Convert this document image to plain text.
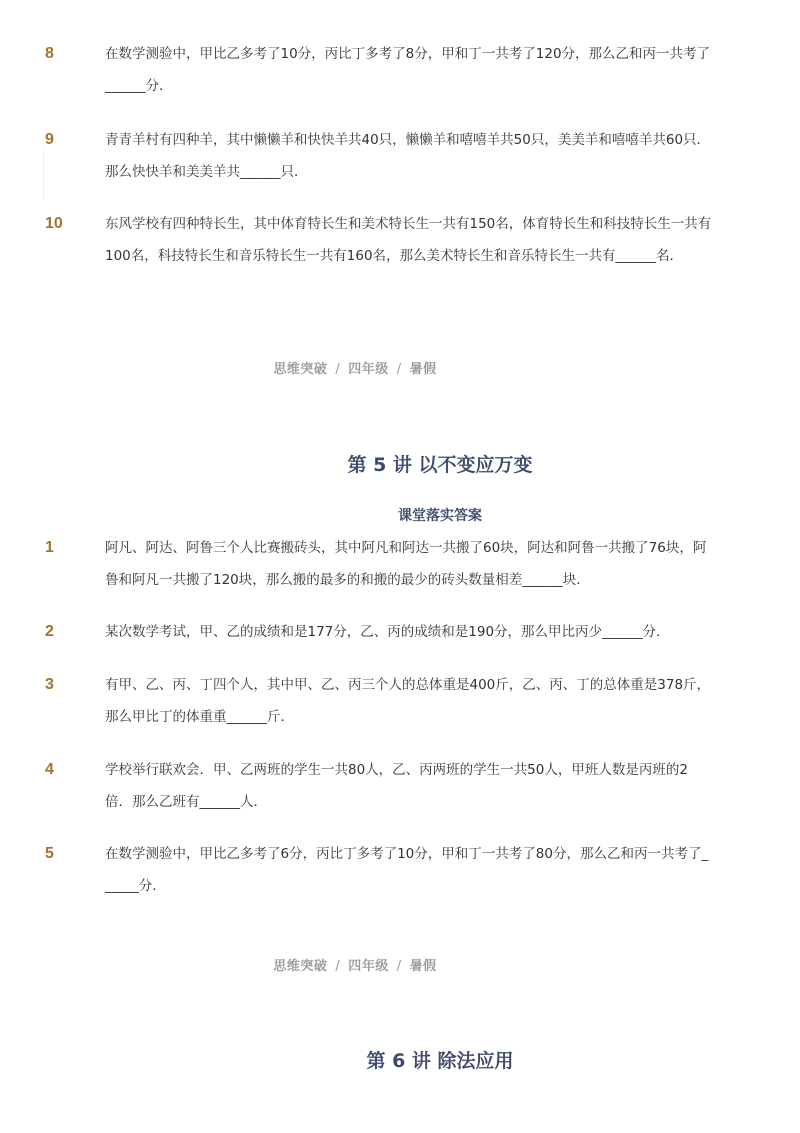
8	在数学测验中，甲比乙多考了10分，丙比丁多考了8分，甲和丁一共考了120分，那么乙和丙一共考了______分．
9	青青羊村有四种羊，其中懒懒羊和快快羊共40只，懒懒羊和嘻嘻羊共50只，美美羊和嘻嘻羊共60只．那么快快羊和美美羊共______只．
10	东风学校有四种特长生，其中体育特长生和美术特长生一共有150名，体育特长生和科技特长生一共有100名，科技特长生和音乐特长生一共有160名，那么美术特长生和音乐特长生一共有______名．
思维突破 / 四年级 / 暑假
第 5 讲 以不变应万变
课堂落实答案
1	阿凡、阿达、阿鲁三个人比赛搬砖头，其中阿凡和阿达一共搬了60块，阿达和阿鲁一共搬了76块，阿鲁和阿凡一共搬了120块，那么搬的最多的和搬的最少的砖头数量相差______块．
2	某次数学考试，甲、乙的成绩和是177分，乙、丙的成绩和是190分，那么甲比丙少______分．
3	有甲、乙、丙、丁四个人，其中甲、乙、丙三个人的总体重是400斤，乙、丙、丁的总体重是378斤，那么甲比丁的体重重______斤．
4	学校举行联欢会．甲、乙两班的学生一共80人，乙、丙两班的学生一共50人，甲班人数是丙班的2倍．那么乙班有______人．
5	在数学测验中，甲比乙多考了6分，丙比丁多考了10分，甲和丁一共考了80分，那么乙和丙一共考了______分．
思维突破 / 四年级 / 暑假
第 6 讲 除法应用
